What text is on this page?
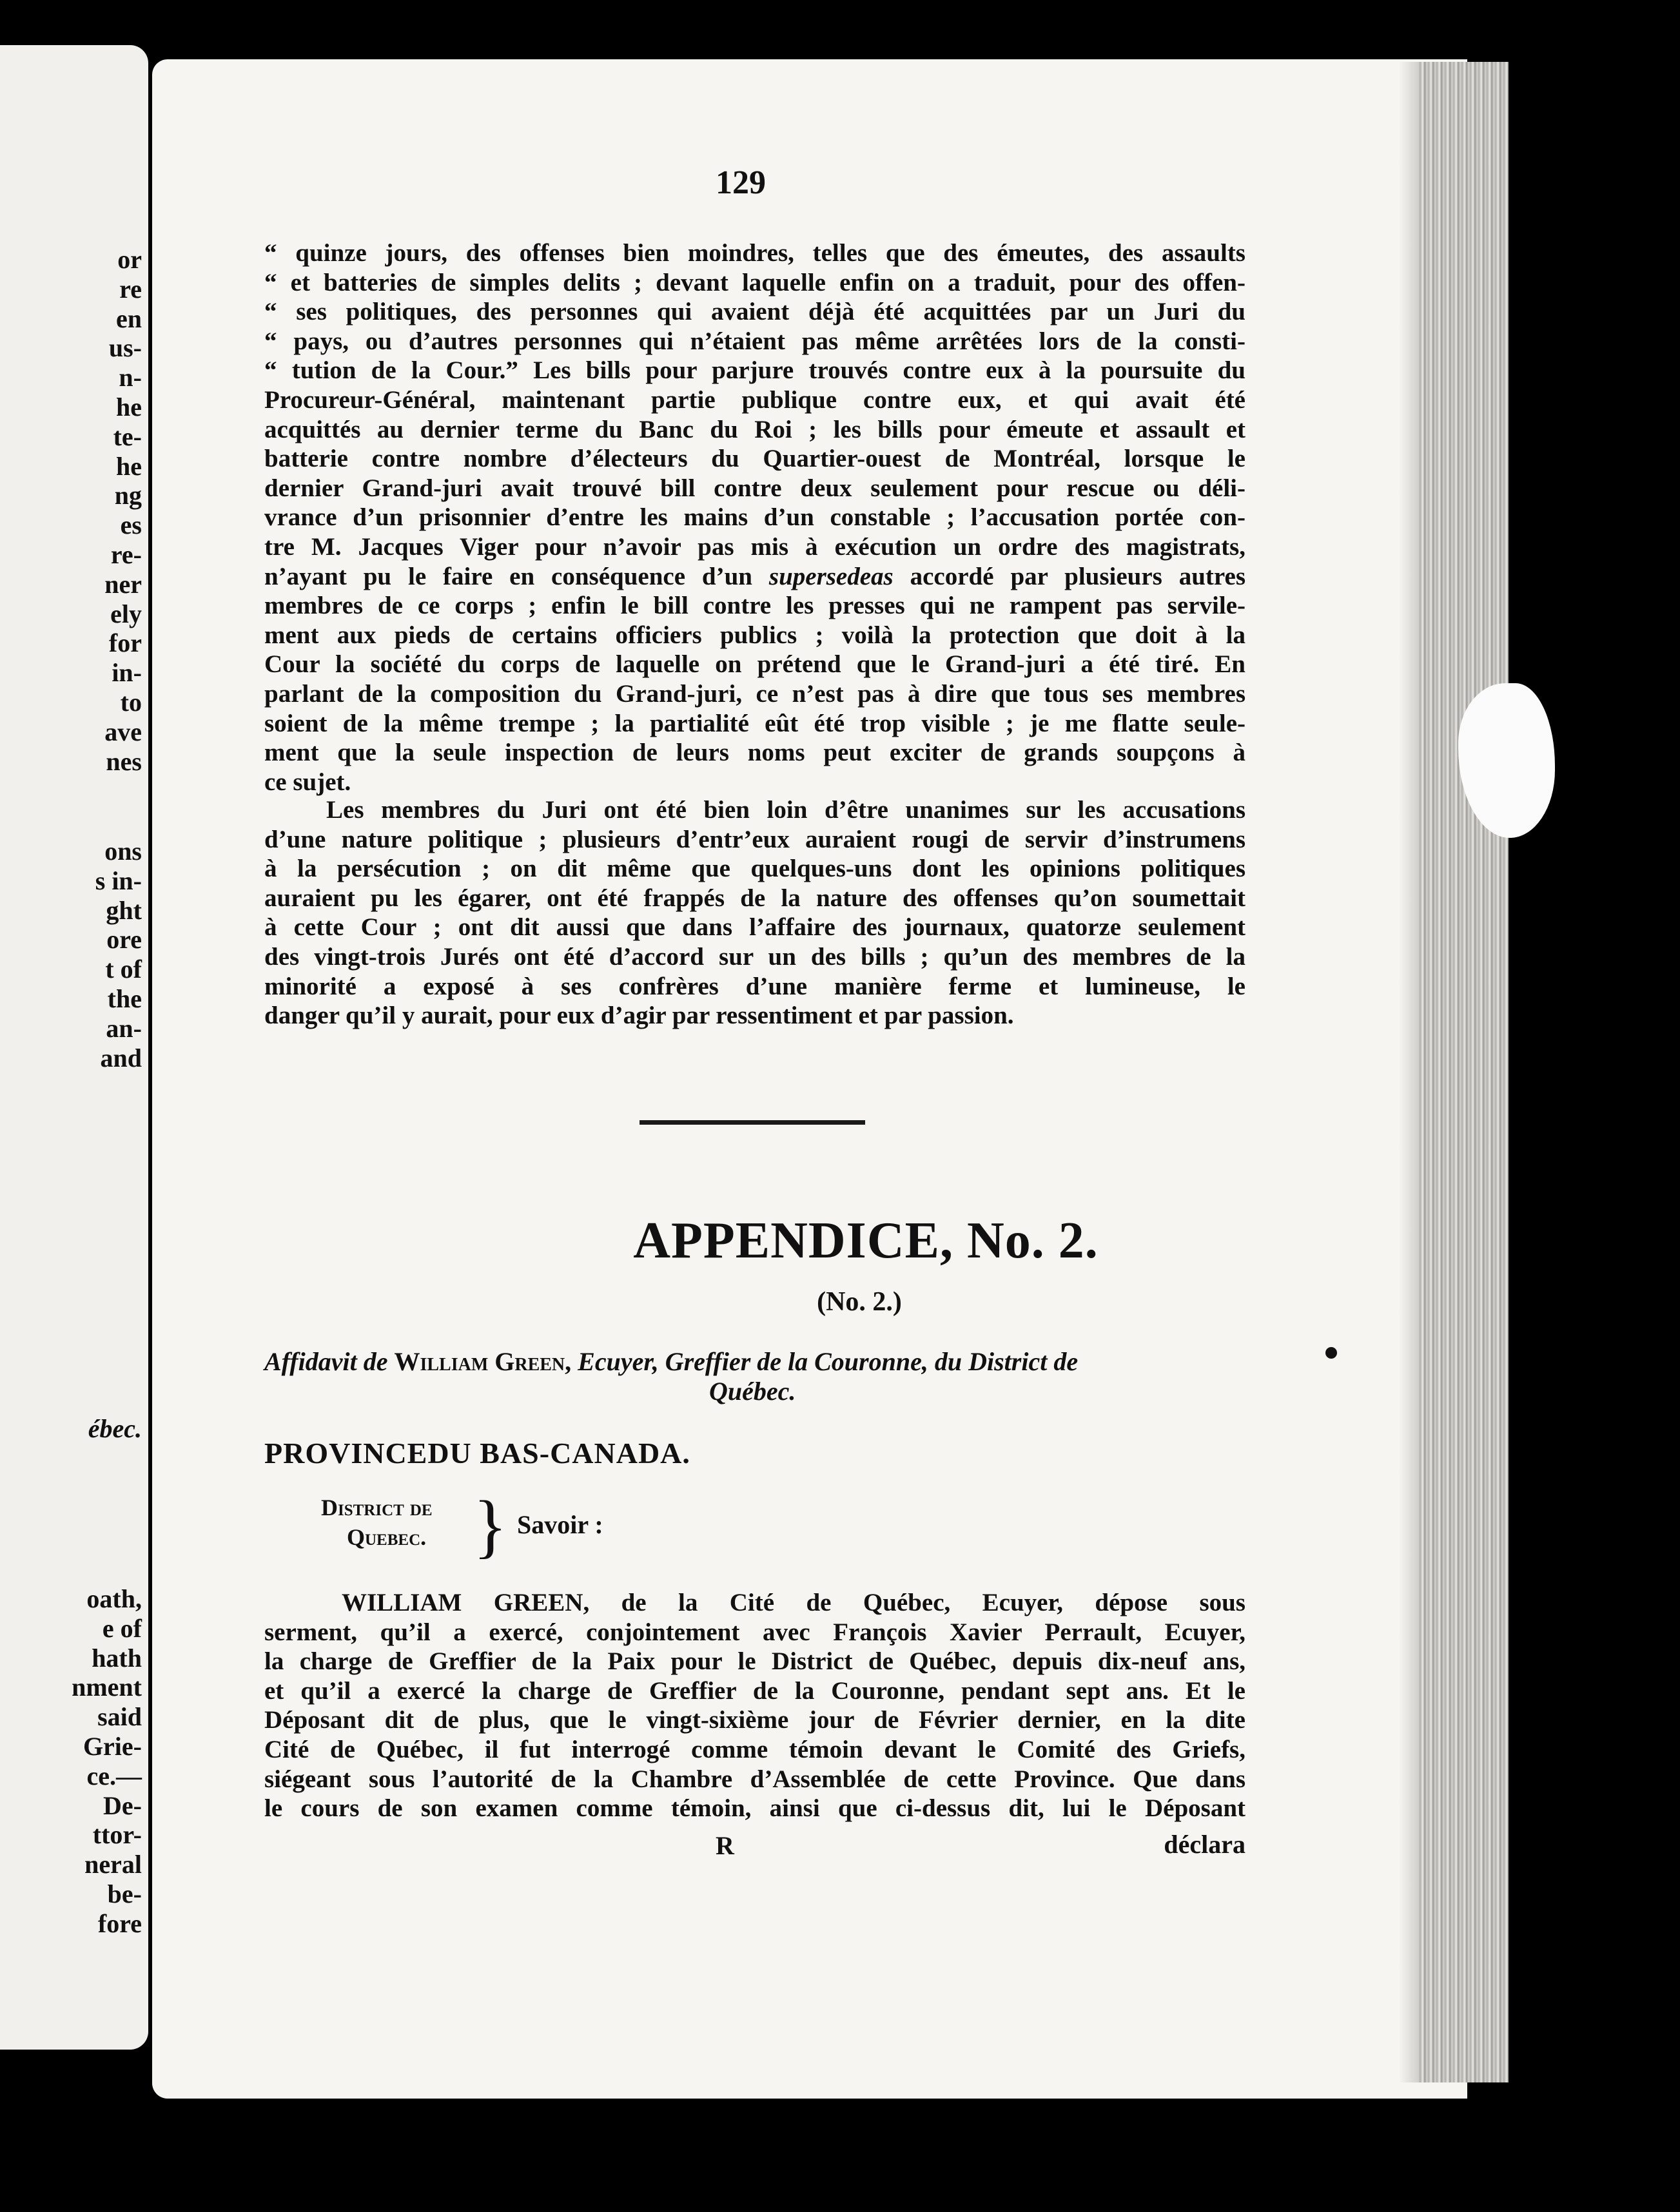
or
re
en
us-
n-
he
te-
he
ng
es
re-
ner
ely
for
in-
to
ave
nes
ons
s in-
ght
ore
t of
the
an-
and
ébec.
oath,
e of
hath
nment
said
Grie-
ce.—
De-
ttor-
neral
be-
fore
129
“ quinze jours, des offenses bien moindres, telles que des émeutes, des assaults
“ et batteries de simples delits ; devant laquelle enfin on a traduit, pour des offen-
“ ses politiques, des personnes qui avaient déjà été acquittées par un Juri du
“ pays, ou d’autres personnes qui n’étaient pas même arrêtées lors de la consti-
“ tution de la Cour.” Les bills pour parjure trouvés contre eux à la poursuite du
Procureur-Général, maintenant partie publique contre eux, et qui avait été
acquittés au dernier terme du Banc du Roi ; les bills pour émeute et assault et
batterie contre nombre d’électeurs du Quartier-ouest de Montréal, lorsque le
dernier Grand-juri avait trouvé bill contre deux seulement pour rescue ou déli-
vrance d’un prisonnier d’entre les mains d’un constable ; l’accusation portée con-
tre M. Jacques Viger pour n’avoir pas mis à exécution un ordre des magistrats,
n’ayant pu le faire en conséquence d’un supersedeas accordé par plusieurs autres
membres de ce corps ; enfin le bill contre les presses qui ne rampent pas servile-
ment aux pieds de certains officiers publics ; voilà la protection que doit à la
Cour la société du corps de laquelle on prétend que le Grand-juri a été tiré. En
parlant de la composition du Grand-juri, ce n’est pas à dire que tous ses membres
soient de la même trempe ; la partialité eût été trop visible ; je me flatte seule-
ment que la seule inspection de leurs noms peut exciter de grands soupçons à
ce sujet.
Les membres du Juri ont été bien loin d’être unanimes sur les accusations
d’une nature politique ; plusieurs d’entr’eux auraient rougi de servir d’instrumens
à la persécution ; on dit même que quelques-uns dont les opinions politiques
auraient pu les égarer, ont été frappés de la nature des offenses qu’on soumettait
à cette Cour ; ont dit aussi que dans l’affaire des journaux, quatorze seulement
des vingt-trois Jurés ont été d’accord sur un des bills ; qu’un des membres de la
minorité a exposé à ses confrères d’une manière ferme et lumineuse, le
danger qu’il y aurait, pour eux d’agir par ressentiment et par passion.
APPENDICE, No. 2.
(No. 2.)
Affidavit de William Green, Ecuyer, Greffier de la Couronne, du District de
Québec.
PROVINCEDU BAS-CANADA.
District de
Quebec. } Savoir :
WILLIAM GREEN, de la Cité de Québec, Ecuyer, dépose sous
serment, qu’il a exercé, conjointement avec François Xavier Perrault, Ecuyer,
la charge de Greffier de la Paix pour le District de Québec, depuis dix-neuf ans,
et qu’il a exercé la charge de Greffier de la Couronne, pendant sept ans. Et le
Déposant dit de plus, que le vingt-sixième jour de Février dernier, en la dite
Cité de Québec, il fut interrogé comme témoin devant le Comité des Griefs,
siégeant sous l’autorité de la Chambre d’Assemblée de cette Province. Que dans
le cours de son examen comme témoin, ainsi que ci-dessus dit, lui le Déposant
R	déclara
